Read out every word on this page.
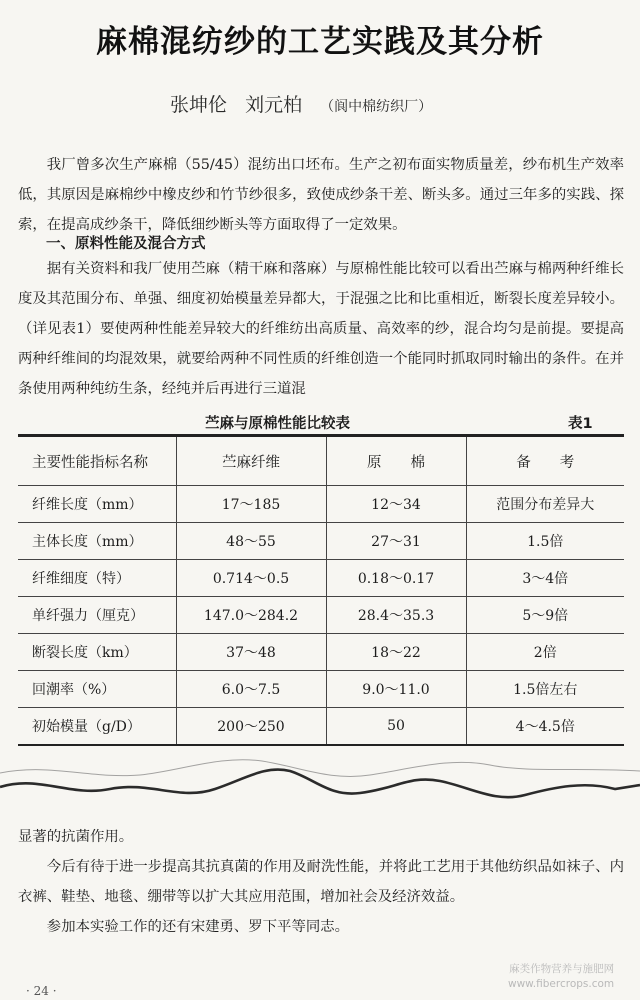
麻棉混纺纱的工艺实践及其分析
张坤伦   刘元柏 （阆中棉纺织厂）

我厂曾多次生产麻棉（55/45）混纺出口坯布。生产之初布面实物质量差，纱布机生产效率低，其原因是麻棉纱中橡皮纱和竹节纱很多，致使成纱条干差、断头多。通过三年多的实践、探索，在提高成纱条干，降低细纱断头等方面取得了一定效果。

一、原料性能及混合方式

据有关资料和我厂使用苎麻（精干麻和落麻）与原棉性能比较可以看出苎麻与棉两种纤维长度及其范围分布、单强、细度初始模量差异都大，于混强之比和比重相近，断裂长度差异较小。（详见表1）要使两种性能差异较大的纤维纺出高质量、高效率的纱，混合均匀是前提。要提高两种纤维间的均混效果，就要给两种不同性质的纤维创造一个能同时抓取同时输出的条件。在并条使用两种纯纺生条，经纯并后再进行三道混

苎麻与原棉性能比较表	表1
主要性能指标名称	苎麻纤维	原　　棉	备　　考
纤维长度（mm）	17～185	12～34	范围分布差异大
主体长度（mm）	48～55	27～31	1.5倍
纤维细度（特）	0.714～0.5	0.18～0.17	3～4倍
单纤强力（厘克）	147.0～284.2	28.4～35.3	5～9倍
断裂长度（km）	37～48	18～22	2倍
回潮率（%）	6.0～7.5	9.0～11.0	1.5倍左右
初始模量（g/D）	200～250	50	4～4.5倍

显著的抗菌作用。

今后有待于进一步提高其抗真菌的作用及耐洗性能，并将此工艺用于其他纺织品如袜子、内衣裤、鞋垫、地毯、绷带等以扩大其应用范围，增加社会及经济效益。

参加本实验工作的还有宋建勇、罗下平等同志。

· 24 ·
麻类作物营养与施肥网
www.fibercrops.com
